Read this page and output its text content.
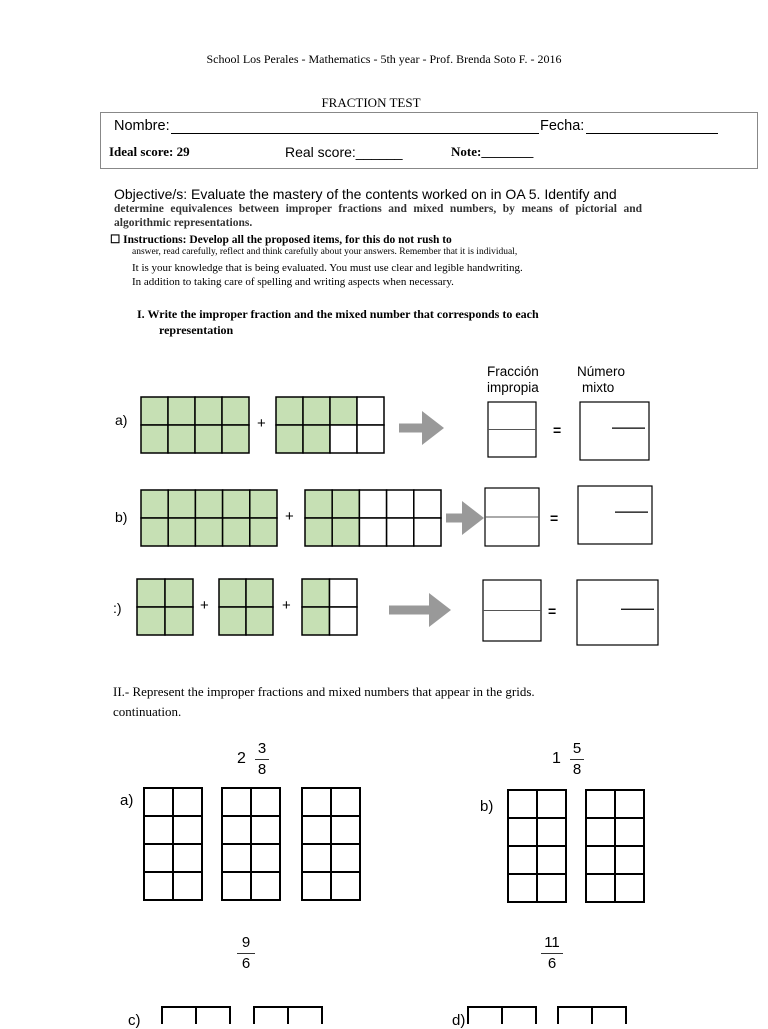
School Los Perales - Mathematics - 5th year - Prof. Brenda Soto F. - 2016
FRACTION TEST
Nombre:	Fecha:
Ideal score: 29	Real score:______	Note:________
Objective/s: Evaluate the mastery of the contents worked on in OA 5. Identify and
determine equivalences between improper fractions and mixed numbers, by means of pictorial and algorithmic representations.
☐ Instructions: Develop all the proposed items, for this do not rush to
answer, read carefully, reflect and think carefully about your answers. Remember that it is individual,
It is your knowledge that is being evaluated. You must use clear and legible handwriting.
In addition to taking care of spelling and writing aspects when necessary.
I. Write the improper fraction and the mixed number that corresponds to each
representation
Fracción
impropia
Número
mixto
a)
b)
:)
+
+
+	+
=
=
=
II.- Represent the improper fractions and mixed numbers that appear in the grids.
continuation.
2
3
8
1
5
8
9
6
11
6
a)	b)
c)	d)
